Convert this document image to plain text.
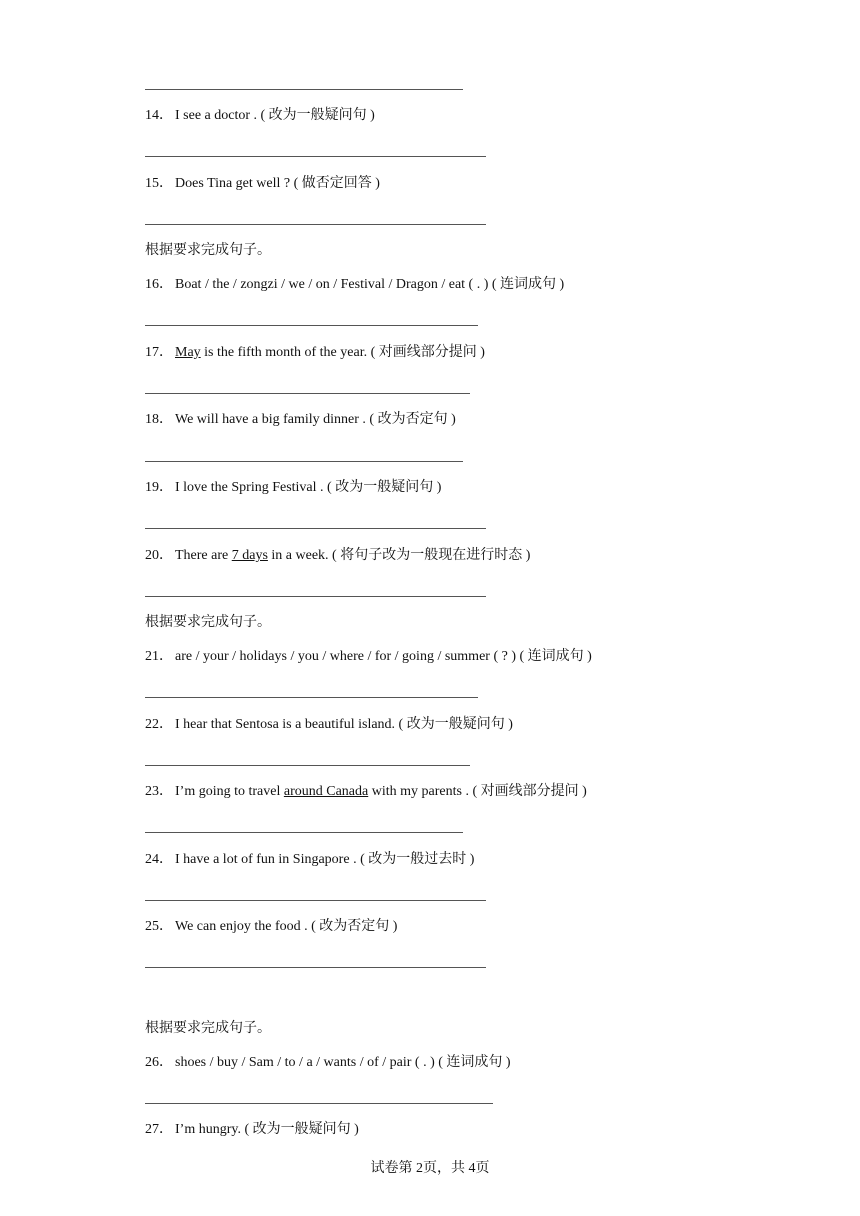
14． I see a doctor . ( 改为一般疑问句 )
15． Does Tina get well ? ( 做否定回答 )
根据要求完成句子。
16． Boat / the / zongzi / we / on / Festival / Dragon / eat ( . ) ( 连词成句 )
17． May is the fifth month of the year. ( 对画线部分提问 )
18． We will have a big family dinner . ( 改为否定句 )
19． I love the Spring Festival . ( 改为一般疑问句 )
20． There are 7 days in a week. ( 将句子改为一般现在进行时态 )
根据要求完成句子。
21． are / your / holidays / you / where / for / going / summer ( ? ) ( 连词成句 )
22． I hear that Sentosa is a beautiful island. ( 改为一般疑问句 )
23． I’m going to travel around Canada with my parents . ( 对画线部分提问 )
24． I have a lot of fun in Singapore . ( 改为一般过去时 )
25． We can enjoy the food . ( 改为否定句 )
根据要求完成句子。
26． shoes / buy / Sam / to / a / wants / of / pair ( . ) ( 连词成句 )
27． I’m hungry. ( 改为一般疑问句 )
试卷第 2页，共 4页
